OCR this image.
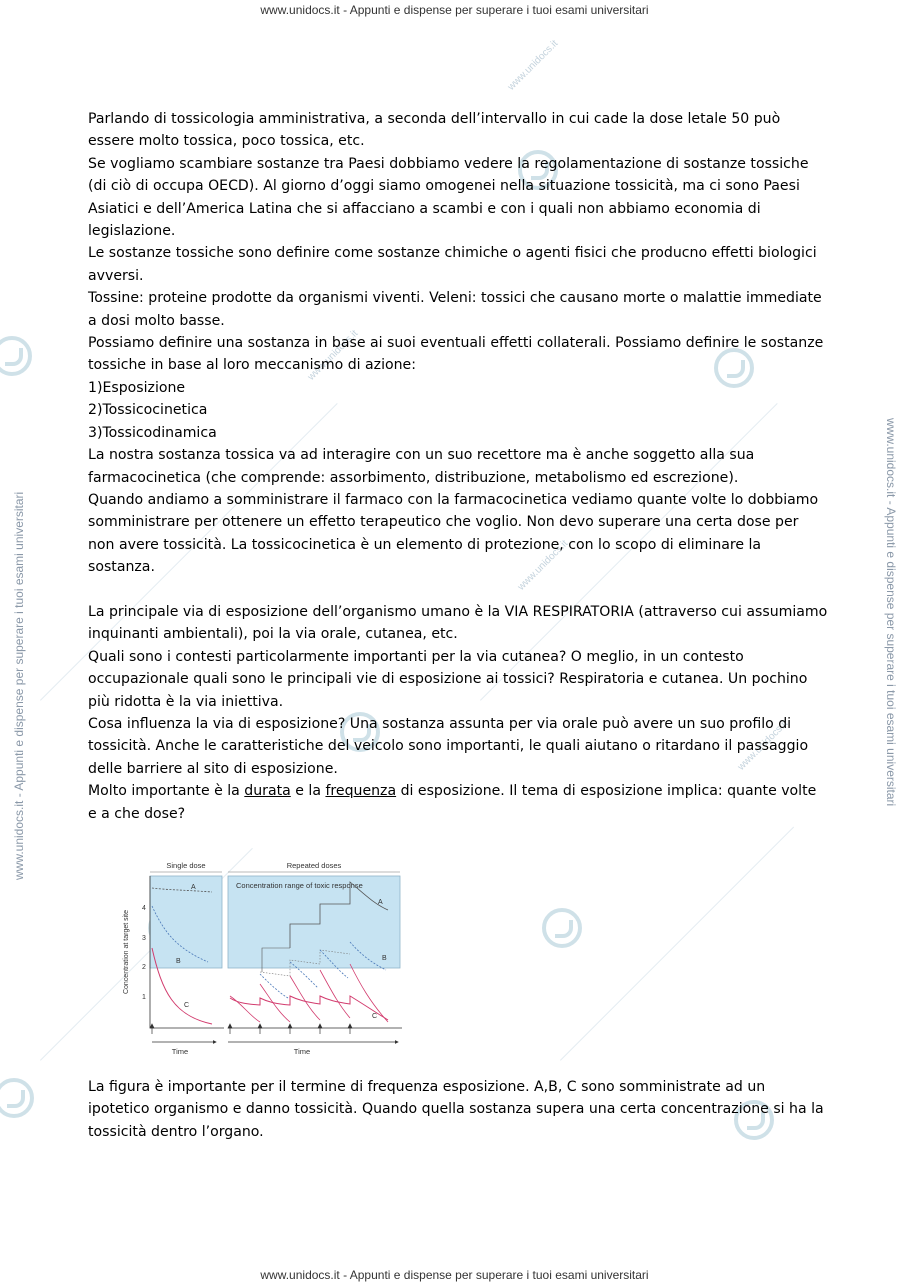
www.unidocs.it - Appunti e dispense per superare i tuoi esami universitari
www.unidocs.it - Appunti e dispense per superare i tuoi esami universitari
www.unidocs.it - Appunti e dispense per superare i tuoi esami universitari	www.unidocs.it - Appunti e dispense per superare i tuoi esami universitari
www.unidocs.it
www.unidocs.it
www.unidocs.it
www.unidocs.it

Parlando di tossicologia amministrativa, a seconda dell’intervallo in cui cade la dose letale 50 può essere molto tossica, poco tossica, etc.

Se vogliamo scambiare sostanze tra Paesi dobbiamo vedere la regolamentazione di sostanze tossiche (di ciò di occupa OECD). Al giorno d’oggi siamo omogenei nella situazione tossicità, ma ci sono Paesi Asiatici e dell’America Latina che si affacciano a scambi e con i quali non abbiamo economia di legislazione.

Le sostanze tossiche sono definire come sostanze chimiche o agenti fisici che producno effetti biologici avversi.

Tossine: proteine prodotte da organismi viventi. Veleni: tossici che causano morte o malattie immediate a dosi molto basse.

Possiamo definire una sostanza in base ai suoi eventuali effetti collaterali. Possiamo definire le sostanze tossiche in base al loro meccanismo di azione:

1)Esposizione

2)Tossicocinetica

3)Tossicodinamica

La nostra sostanza tossica va ad interagire con un suo recettore ma è anche soggetto alla sua farmacocinetica (che comprende: assorbimento, distribuzione, metabolismo ed escrezione).

Quando andiamo a somministrare il farmaco con la farmacocinetica vediamo quante volte lo dobbiamo somministrare per ottenere un effetto terapeutico che voglio. Non devo superare una certa dose per non avere tossicità. La tossicocinetica è un elemento di protezione, con lo scopo di eliminare la sostanza.

La principale via di esposizione dell’organismo umano è la VIA RESPIRATORIA (attraverso cui assumiamo inquinanti ambientali), poi la via orale, cutanea, etc.

Quali sono i contesti particolarmente importanti per la via cutanea? O meglio, in un contesto occupazionale quali sono le principali vie di esposizione ai tossici? Respiratoria e cutanea. Un pochino più ridotta è la via iniettiva.

Cosa influenza la via di esposizione? Una sostanza assunta per via orale può avere un suo profilo di tossicità. Anche le caratteristiche del veicolo sono importanti, le quali aiutano o ritardano il passaggio delle barriere al sito di esposizione.

Molto importante è la durata e la frequenza di esposizione. Il tema di esposizione implica: quante volte e a che dose?

Single dose	Repeated doses
Concentration range of toxic response
Concentration at target site
1
2
3
4
Time	Time
A
B
C
A
B
C

La figura è importante per il termine di frequenza esposizione. A,B, C sono somministrate ad un ipotetico organismo e danno tossicità. Quando quella sostanza supera una certa concentrazione si ha la tossicità dentro l’organo.
